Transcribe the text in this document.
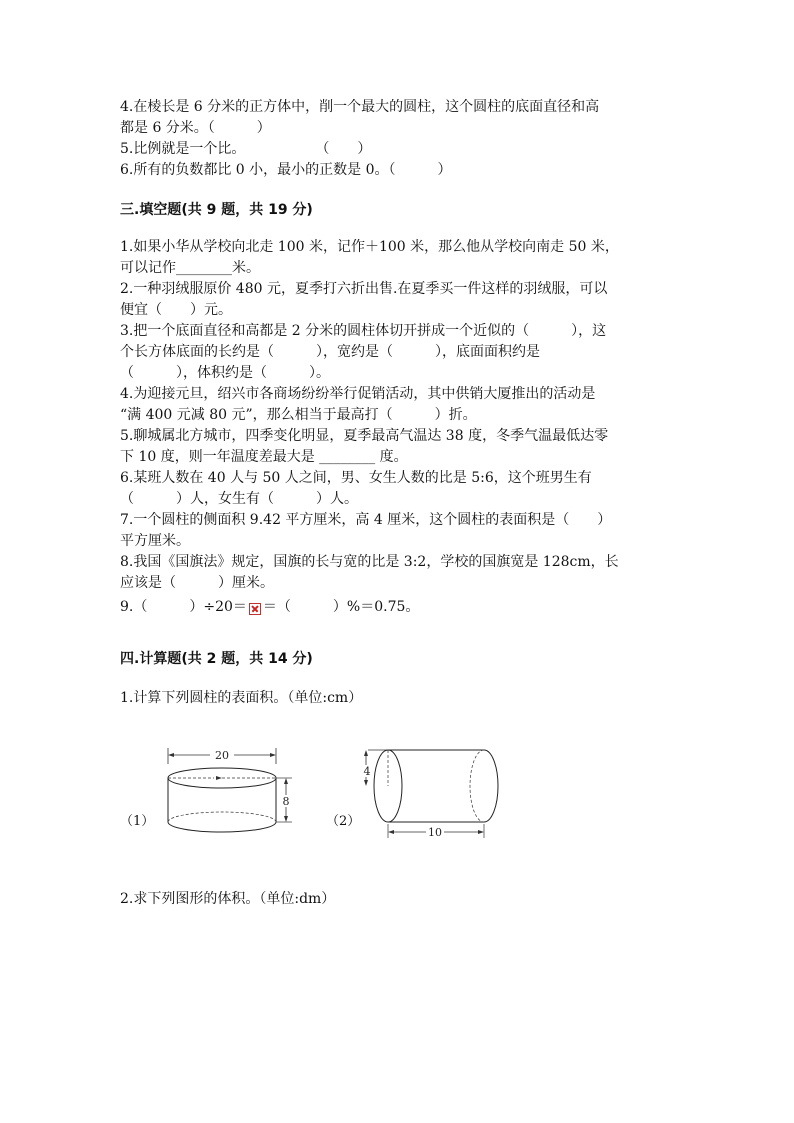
4.在棱长是 6 分米的正方体中，削一个最大的圆柱，这个圆柱的底面直径和高
都是 6 分米。（　　　）
5.比例就是一个比。　　　　　　（　　）
6.所有的负数都比 0 小，最小的正数是 0。（　　　）
三.填空题(共 9 题，共 19 分)
1.如果小华从学校向北走 100 米，记作＋100 米，那么他从学校向南走 50 米，
可以记作________米。
2.一种羽绒服原价 480 元，夏季打六折出售.在夏季买一件这样的羽绒服，可以
便宜（　　）元。
3.把一个底面直径和高都是 2 分米的圆柱体切开拼成一个近似的（　　　），这
个长方体底面的长约是（　　　），宽约是（　　　），底面面积约是
（　　　），体积约是（　　　）。
4.为迎接元旦，绍兴市各商场纷纷举行促销活动，其中供销大厦推出的活动是
“满 400 元减 80 元”，那么相当于最高打（　　　）折。
5.聊城属北方城市，四季变化明显，夏季最高气温达 38 度，冬季气温最低达零
下 10 度，则一年温度差最大是 ________ 度。
6.某班人数在 40 人与 50 人之间，男、女生人数的比是 5:6，这个班男生有
（　　　）人，女生有（　　　）人。
7.一个圆柱的侧面积 9.42 平方厘米，高 4 厘米，这个圆柱的表面积是（　　）
平方厘米。
8.我国《国旗法》规定，国旗的长与宽的比是 3:2，学校的国旗宽是 128cm，长
应该是（　　　）厘米。
9.（　　　）÷20＝ ＝（　　　）%＝0.75。
四.计算题(共 2 题，共 14 分)
1.计算下列圆柱的表面积。（单位:cm）
（1）
20
8
（2）
4
10
2.求下列图形的体积。（单位:dm）
